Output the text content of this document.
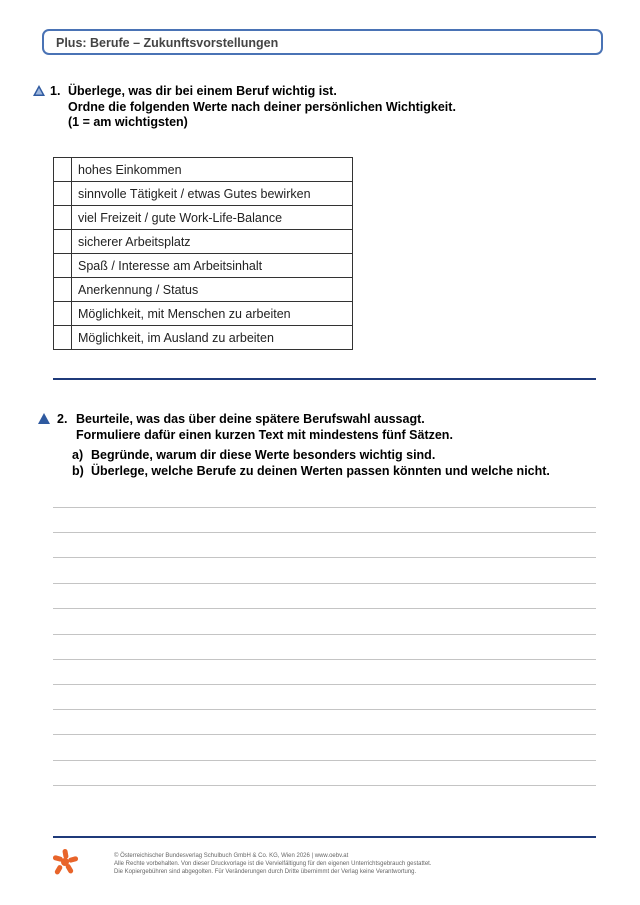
Plus: Berufe – Zukunftsvorstellungen
1. Überlege, was dir bei einem Beruf wichtig ist.
Ordne die folgenden Werte nach deiner persönlichen Wichtigkeit.
(1 = am wichtigsten)
	hohes Einkommen
	sinnvolle Tätigkeit / etwas Gutes bewirken
	viel Freizeit / gute Work-Life-Balance
	sicherer Arbeitsplatz
	Spaß / Interesse am Arbeitsinhalt
	Anerkennung / Status
	Möglichkeit, mit Menschen zu arbeiten
	Möglichkeit, im Ausland zu arbeiten
2. Beurteile, was das über deine spätere Berufswahl aussagt.
Formuliere dafür einen kurzen Text mit mindestens fünf Sätzen.
a) Begründe, warum dir diese Werte besonders wichtig sind.
b) Überlege, welche Berufe zu deinen Werten passen könnten und welche nicht.
© Österreichischer Bundesverlag Schulbuch GmbH & Co. KG, Wien 2026 | www.oebv.at
Alle Rechte vorbehalten. Von dieser Druckvorlage ist die Vervielfältigung für den eigenen Unterrichtsgebrauch gestattet.
Die Kopiergebühren sind abgegolten. Für Veränderungen durch Dritte übernimmt der Verlag keine Verantwortung.
